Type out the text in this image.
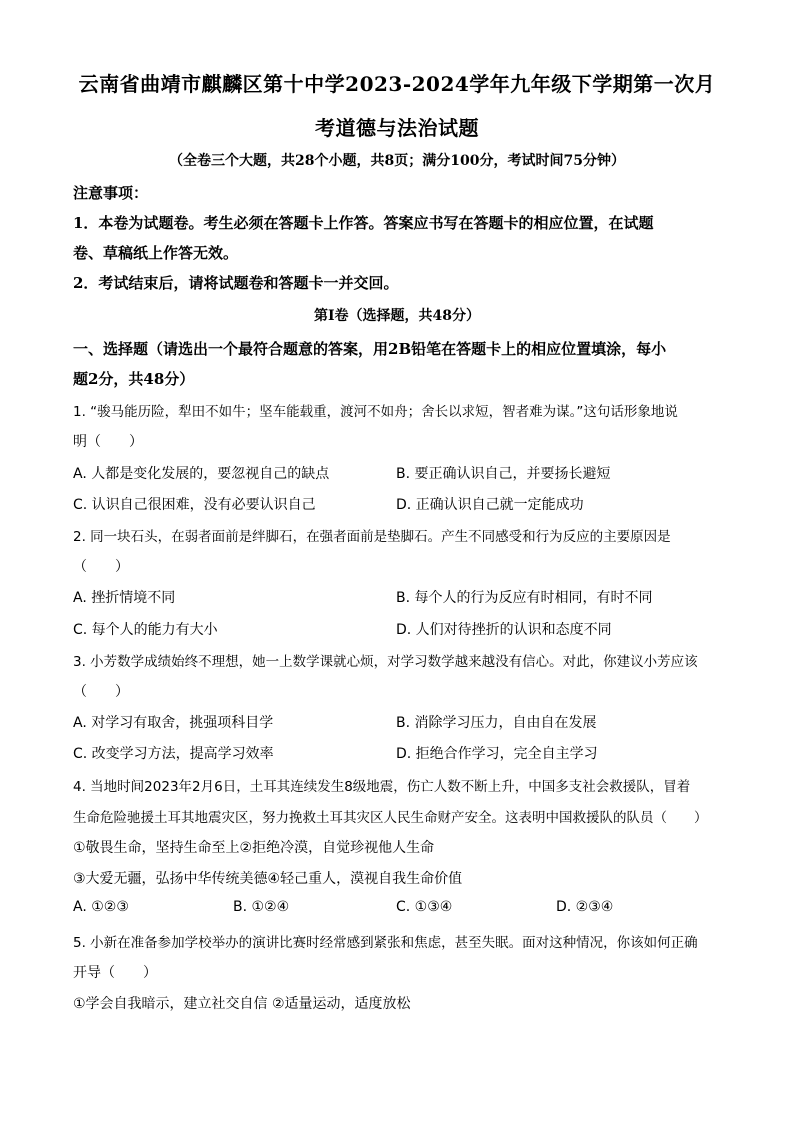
云南省曲靖市麒麟区第十中学2023-2024学年九年级下学期第一次月
考道德与法治试题
（全卷三个大题，共28个小题，共8页；满分100分，考试时间75分钟）
注意事项：
1．本卷为试题卷。考生必须在答题卡上作答。答案应书写在答题卡的相应位置，在试题
卷、草稿纸上作答无效。
2．考试结束后，请将试题卷和答题卡一并交回。
第Ⅰ卷（选择题，共48分）
一、选择题（请选出一个最符合题意的答案，用2B铅笔在答题卡上的相应位置填涂，每小
题2分，共48分）
1. “骏马能历险，犁田不如牛；坚车能载重，渡河不如舟；舍长以求短，智者难为谋。”这句话形象地说
明（　　）
A. 人都是变化发展的，要忽视自己的缺点	B. 要正确认识自己，并要扬长避短
C. 认识自己很困难，没有必要认识自己	D. 正确认识自己就一定能成功
2. 同一块石头，在弱者面前是绊脚石，在强者面前是垫脚石。产生不同感受和行为反应的主要原因是
（　　）
A. 挫折情境不同	B. 每个人的行为反应有时相同，有时不同
C. 每个人的能力有大小	D. 人们对待挫折的认识和态度不同
3. 小芳数学成绩始终不理想，她一上数学课就心烦，对学习数学越来越没有信心。对此，你建议小芳应该
（　　）
A. 对学习有取舍，挑强项科目学	B. 消除学习压力，自由自在发展
C. 改变学习方法，提高学习效率	D. 拒绝合作学习，完全自主学习
4. 当地时间2023年2月6日，土耳其连续发生8级地震，伤亡人数不断上升，中国多支社会救援队，冒着
生命危险驰援土耳其地震灾区，努力挽救土耳其灾区人民生命财产安全。这表明中国救援队的队员（　　）
①敬畏生命，坚持生命至上②拒绝冷漠，自觉珍视他人生命
③大爱无疆，弘扬中华传统美德④轻己重人，漠视自我生命价值
A. ①②③	B. ①②④	C. ①③④	D. ②③④
5. 小新在准备参加学校举办的演讲比赛时经常感到紧张和焦虑，甚至失眠。面对这种情况，你该如何正确
开导（　　）
①学会自我暗示，建立社交自信 ②适量运动，适度放松
